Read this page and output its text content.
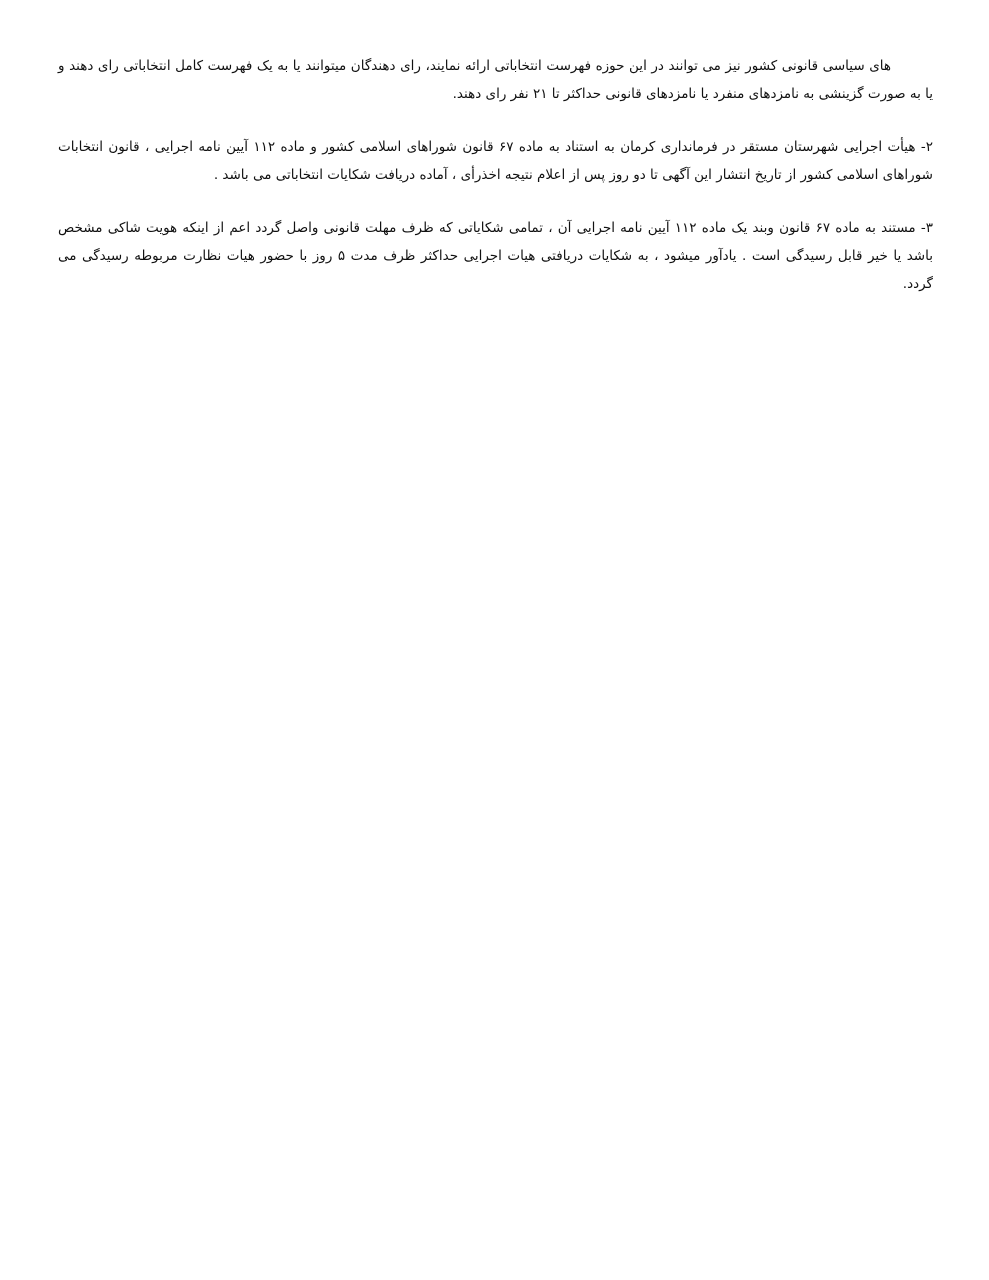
های سیاسی قانونی کشور نیز می توانند در این حوزه فهرست انتخاباتی ارائه نمایند، رای دهندگان میتوانند یا به یک فهرست کامل انتخاباتی رای دهند و یا به صورت گزینشی به نامزدهای منفرد یا نامزدهای قانونی حداکثر تا ۲۱ نفر رای دهند.

۲- هیأت اجرایی شهرستان مستقر در فرمانداری کرمان به استناد به ماده ۶۷ قانون شوراهای اسلامی کشور و ماده ۱۱۲ آیین نامه اجرایی ، قانون انتخابات شوراهای اسلامی کشور از تاریخ انتشار این آگهی تا دو روز پس از اعلام نتیجه اخذرأی ، آماده دریافت شکایات انتخاباتی می باشد .

۳- مستند به ماده ۶۷ قانون وبند یک ماده ۱۱۲ آیین نامه اجرایی آن ، تمامی شکایاتی که ظرف مهلت قانونی واصل گردد اعم از اینکه هویت شاکی مشخص باشد یا خیر قابل رسیدگی است . یادآور میشود ، به شکایات دریافتی هیات اجرایی حداکثر ظرف مدت ۵ روز با حضور هیات نظارت مربوطه رسیدگی می گردد.
